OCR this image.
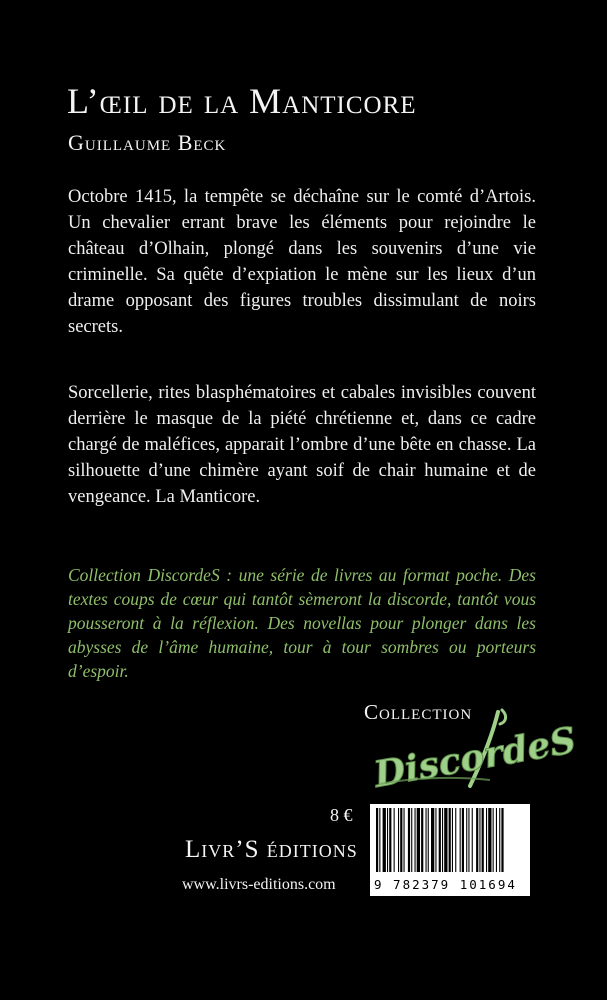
L’œil de la Manticore
Guillaume Beck
Octobre 1415, la tempête se déchaîne sur le comté d’Artois. Un chevalier errant brave les éléments pour rejoindre le château d’Olhain, plongé dans les souvenirs d’une vie criminelle. Sa quête d’expiation le mène sur les lieux d’un drame opposant des figures troubles dissimulant de noirs secrets.
Sorcellerie, rites blasphématoires et cabales invisibles couvent derrière le masque de la piété chrétienne et, dans ce cadre chargé de maléfices, apparait l’ombre d’une bête en chasse. La silhouette d’une chimère ayant soif de chair humaine et de vengeance. La Manticore.
Collection DiscordeS : une série de livres au format poche. Des textes coups de cœur qui tantôt sèmeront la discorde, tantôt vous pousseront à la réflexion. Des novellas pour plonger dans les abysses de l’âme humaine, tour à tour sombres ou porteurs d’espoir.
Collection
DiscordeS
8 €
Livr’S éditions
www.livrs-editions.com	9 782379 101694
